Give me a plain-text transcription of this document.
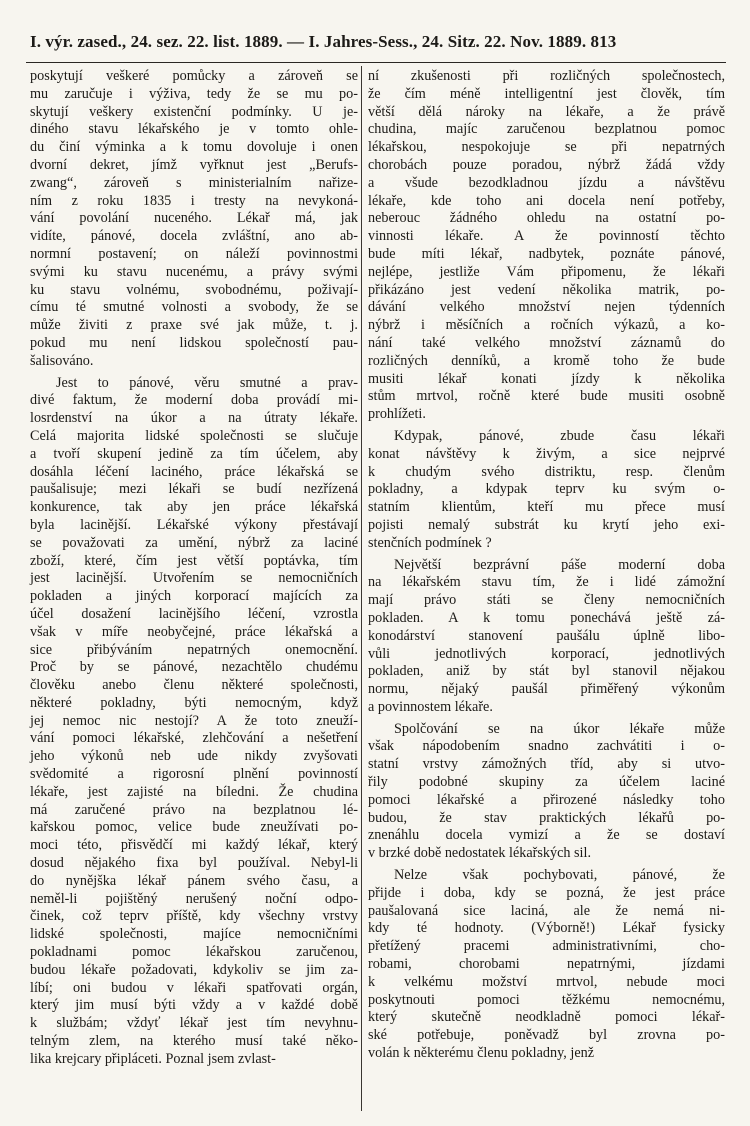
I. výr. zased., 24. sez. 22. list. 1889. — I. Jahres-Sess., 24. Sitz. 22. Nov. 1889. 813
poskytují veškeré pomůcky a zároveň se
mu zaručuje i výživa, tedy že se mu po-
skytují veškery existenční podmínky. U je-
diného stavu lékařského je v tomto ohle-
du činí výminka a k tomu dovoluje i onen
dvorní dekret, jímž vyřknut jest „Berufs-
zwang“, zároveň s ministerialním nařize-
ním z roku 1835 i tresty na nevykoná-
vání povolání nuceného. Lékař má, jak
vidíte, pánové, docela zvláštní, ano ab-
normní postavení; on náleží povinnostmi
svými ku stavu nucenému, a právy svými
ku stavu volnému, svobodnému, poživají-
címu té smutné volnosti a svobody, že se
může živiti z praxe své jak může, t. j.
pokud mu není lidskou společností pau-
šalisováno.
Jest to pánové, věru smutné a prav-
divé faktum, že moderní doba provádí mi-
losrdenství na úkor a na útraty lékaře.
Celá majorita lidské společnosti se slučuje
a tvoří skupení jedině za tím účelem, aby
dosáhla léčení laciného, práce lékařská se
paušalisuje; mezi lékaři se budí nezřízená
konkurence, tak aby jen práce lékařská
byla lacinější. Lékařské výkony přestávají
se považovati za umění, nýbrž za laciné
zboží, které, čím jest větší poptávka, tím
jest lacinější. Utvořením se nemocničních
pokladen a jiných korporací majících za
účel dosažení lacinějšího léčení, vzrostla
však v míře neobyčejné, práce lékařská a
sice přibýváním nepatrných onemocnění.
Proč by se pánové, nezachtělo chudému
člověku anebo členu některé společnosti,
některé pokladny, býti nemocným, když
jej nemoc nic nestojí? A že toto zneuží-
vání pomoci lékařské, zlehčování a nešetření
jeho výkonů neb ude nikdy zvyšovati
svědomité a rigorosní plnění povinností
lékaře, jest zajisté na bíledni. Že chudina
má zaručené právo na bezplatnou lé-
kařskou pomoc, velice bude zneužívati po-
moci této, přisvědčí mi každý lékař, který
dosud nějakého fixa byl používal. Nebyl-li
do nynějška lékař pánem svého času, a
neměl-li pojištěný nerušený noční odpo-
činek, což teprv příště, kdy všechny vrstvy
lidské společnosti, majíce nemocničními
pokladnami pomoc lékařskou zaručenou,
budou lékaře požadovati, kdykoliv se jim za-
líbí; oni budou v lékaři spatřovati orgán,
který jim musí býti vždy a v každé době
k službám; vždyť lékař jest tím nevyhnu-
telným zlem, na kterého musí také něko-
lika krejcary připláceti. Poznal jsem zvlast-
ní zkušenosti při rozličných společnostech,
že čím méně intelligentní jest člověk, tím
větší dělá nároky na lékaře, a že právě
chudina, majíc zaručenou bezplatnou pomoc
lékařskou, nespokojuje se při nepatrných
chorobách pouze poradou, nýbrž žádá vždy
a všude bezodkladnou jízdu a návštěvu
lékaře, kde toho ani docela není potřeby,
neberouc žádného ohledu na ostatní po-
vinnosti lékaře. A že povinností těchto
bude míti lékař, nadbytek, poznáte pánové,
nejlépe, jestliže Vám připomenu, že lékaři
přikázáno jest vedení několika matrik, po-
dávání velkého množství nejen týdenních
nýbrž i měsíčních a ročních výkazů, a ko-
nání také velkého množství záznamů do
rozličných denníků, a kromě toho že bude
musiti lékař konati jízdy k několika
stům mrtvol, ročně které bude musiti osobně
prohlížeti.
Kdypak, pánové, zbude času lékaři
konat návštěvy k živým, a sice nejprvé
k chudým svého distriktu, resp. členům
pokladny, a kdypak teprv ku svým o-
statním klientům, kteří mu přece musí
pojisti nemalý substrát ku krytí jeho exi-
stenčních podmínek ?
Největší bezprávní páše moderní doba
na lékařském stavu tím, že i lidé zámožní
mají právo státi se členy nemocničních
pokladen. A k tomu ponechává ještě zá-
konodárství stanovení paušálu úplně libo-
vůli jednotlivých korporací, jednotlivých
pokladen, aniž by stát byl stanovil nějakou
normu, nějaký paušál přiměřený výkonům
a povinnostem lékaře.
Spolčování se na úkor lékaře může
však nápodobením snadno zachvátiti i o-
statní vrstvy zámožných tříd, aby si utvo-
řily podobné skupiny za účelem laciné
pomoci lékařské a přirozené následky toho
budou, že stav praktických lékařů po-
znenáhlu docela vymizí a že se dostaví
v brzké době nedostatek lékařských sil.
Nelze však pochybovati, pánové, že
přijde i doba, kdy se pozná, že jest práce
paušalovaná sice laciná, ale že nemá ni-
kdy té hodnoty. (Výborně!) Lékař fysicky
přetížený pracemi administrativními, cho-
robami, chorobami nepatrnými, jízdami
k velkému možství mrtvol, nebude moci
poskytnouti pomoci těžkému nemocnému,
který skutečně neodkladně pomoci lékař-
ské potřebuje, poněvadž byl zrovna po-
volán k některému členu pokladny, jenž
